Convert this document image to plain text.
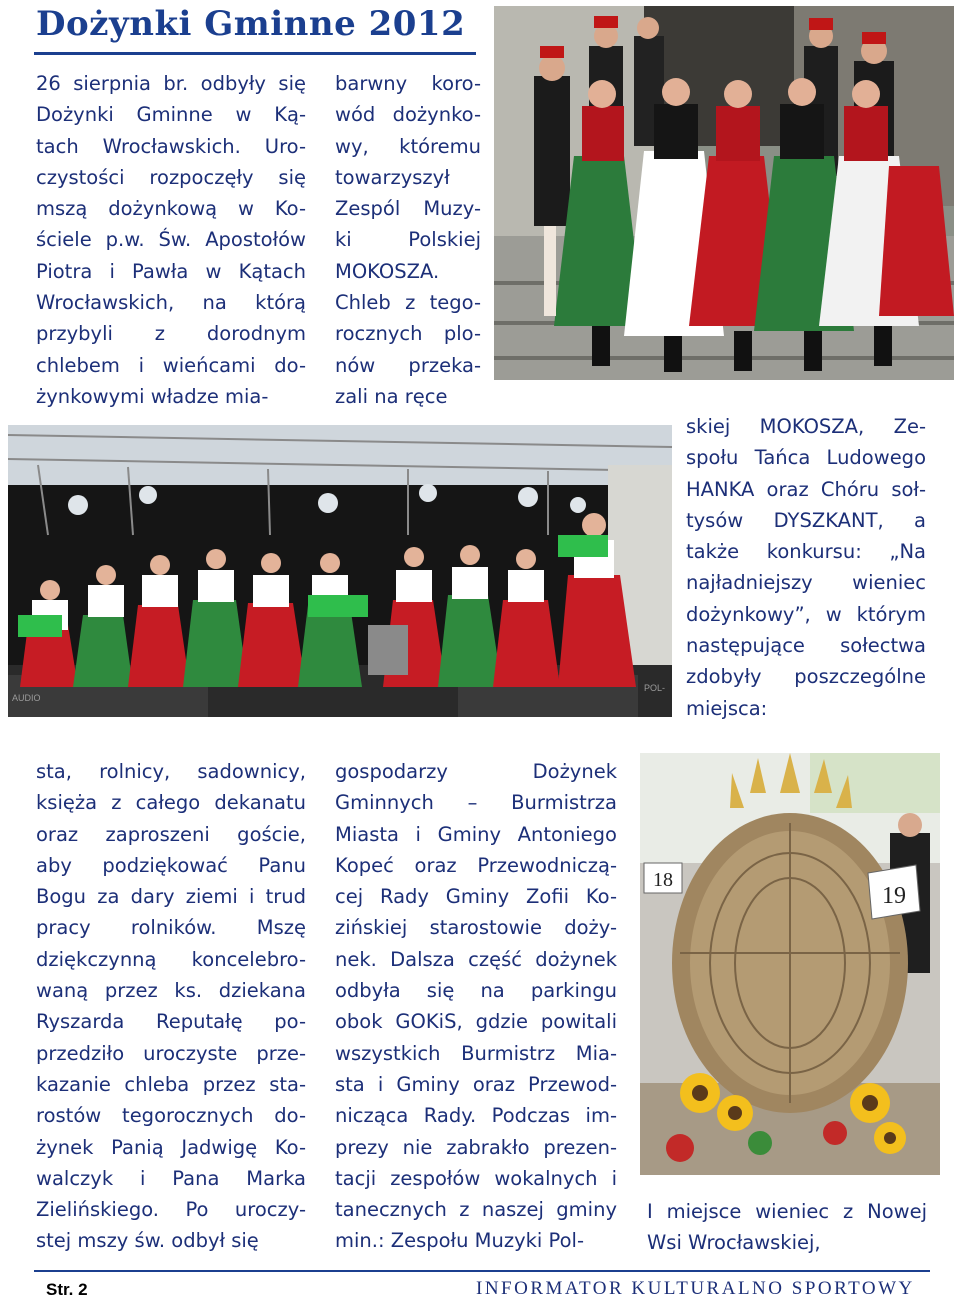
Dożynki Gminne 2012
26 sierpnia br. odbyły się
Dożynki Gminne w Ką-
tach Wrocławskich. Uro-
czystości rozpoczęły się
mszą dożynkową w Ko-
ściele p.w. Św. Apostołów
Piotra i Pawła w Kątach
Wrocławskich, na którą
przybyli z dorodnym
chlebem i wieńcami do-
żynkowymi władze mia-
barwny koro-
wód dożynko-
wy, któremu
towarzyszył
Zespól Muzy-
ki Polskiej
MOKOSZA.
Chleb z tego-
rocznych plo-
nów przeka-
zali na ręce
AUDIO
POL-
skiej MOKOSZA, Ze-
społu Tańca Ludowego
HANKA oraz Chóru soł-
tysów DYSZKANT, a
także konkursu: „Na
najładniejszy wieniec
dożynkowy”, w którym
następujące sołectwa
zdobyły poszczególne
miejsca:
sta, rolnicy, sadownicy,
księża z całego dekanatu
oraz zaproszeni goście,
aby podziękować Panu
Bogu za dary ziemi i trud
pracy rolników. Mszę
dziękczynną koncelebro-
waną przez ks. dziekana
Ryszarda Reputałę po-
przedziło uroczyste prze-
kazanie chleba przez sta-
rostów tegorocznych do-
żynek Panią Jadwigę Ko-
walczyk i Pana Marka
Zielińskiego. Po uroczy-
stej mszy św. odbył się
gospodarzy Dożynek
Gminnych – Burmistrza
Miasta i Gminy Antoniego
Kopeć oraz Przewodniczą-
cej Rady Gminy Zofii Ko-
zińskiej starostowie doży-
nek. Dalsza część dożynek
odbyła się na parkingu
obok GOKiS, gdzie powitali
wszystkich Burmistrz Mia-
sta i Gminy oraz Przewod-
nicząca Rady. Podczas im-
prezy nie zabrakło prezen-
tacji zespołów wokalnych i
tanecznych z naszej gminy
min.: Zespołu Muzyki Pol-
18
19
I miejsce wieniec z Nowej
Wsi Wrocławskiej,
Str. 2	INFORMATOR KULTURALNO SPORTOWY
